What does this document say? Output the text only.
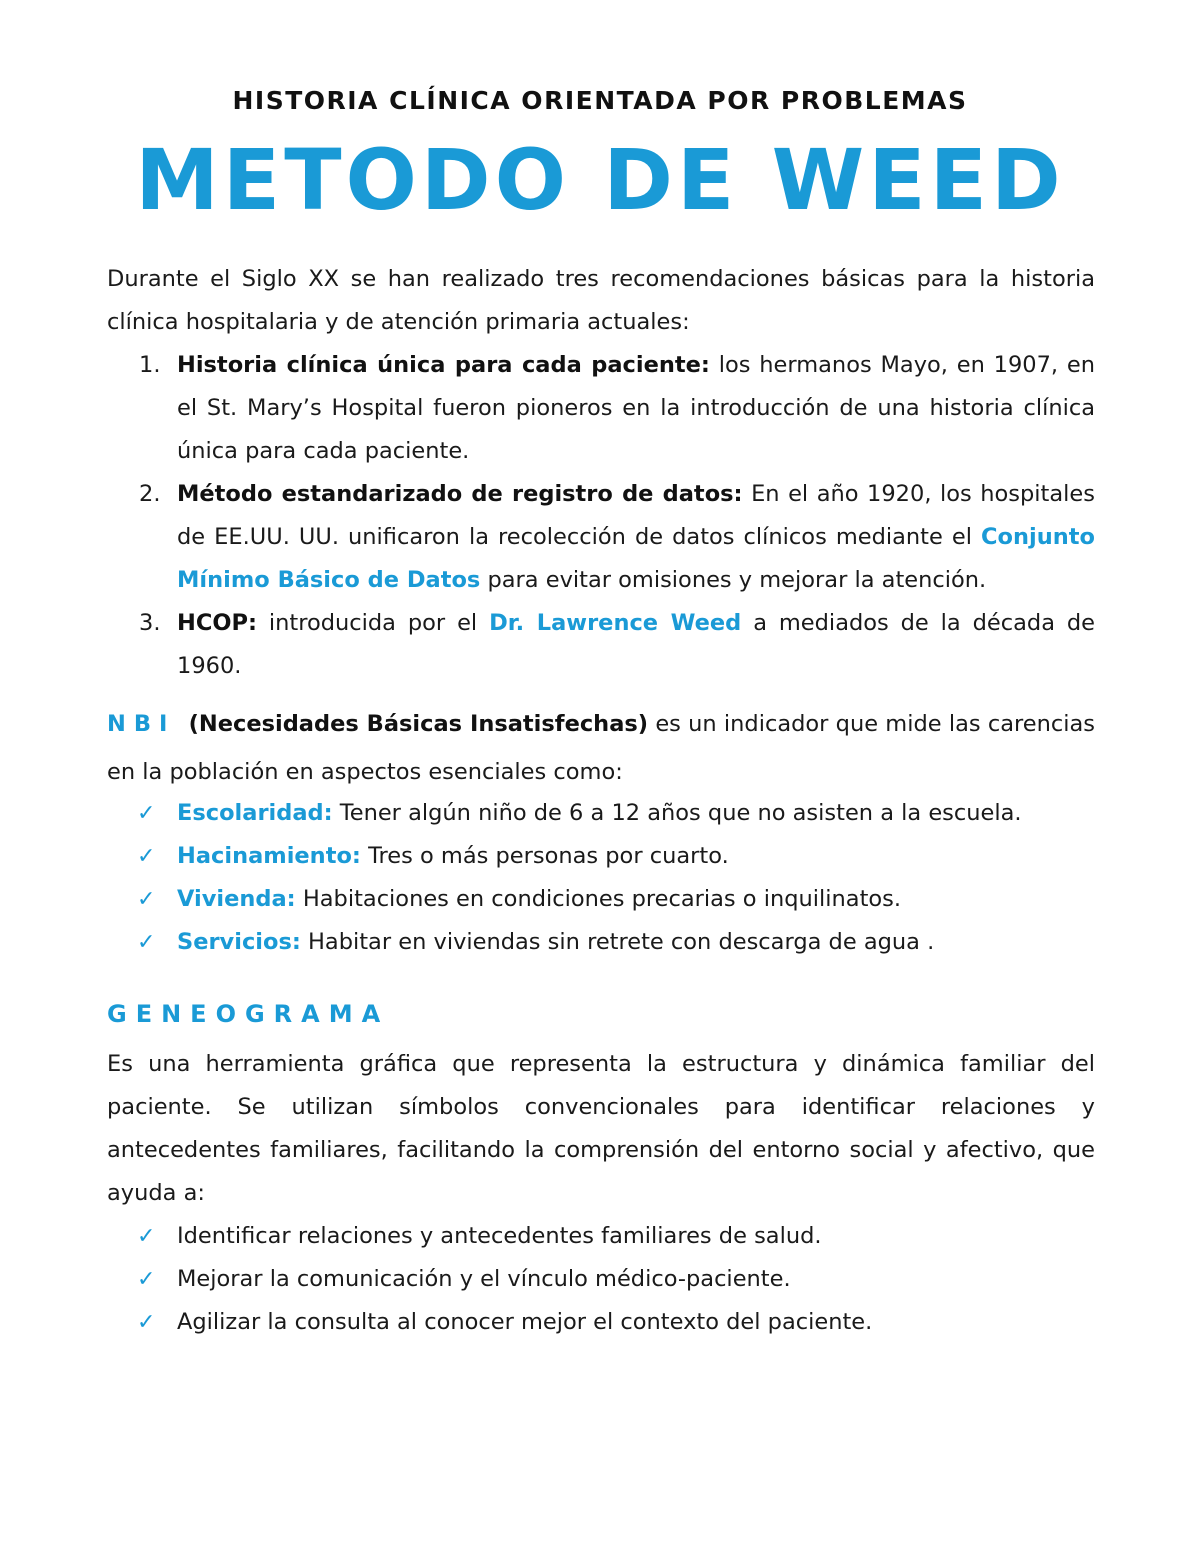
HISTORIA CLÍNICA ORIENTADA POR PROBLEMAS
METODO DE WEED

Durante el Siglo XX se han realizado tres recomendaciones básicas para la historia clínica hospitalaria y de atención primaria actuales:

1. Historia clínica única para cada paciente: los hermanos Mayo, en 1907, en el St. Mary’s Hospital fueron pioneros en la introducción de una historia clínica única para cada paciente.
2. Método estandarizado de registro de datos: En el año 1920, los hospitales de EE.UU. UU. unificaron la recolección de datos clínicos mediante el Conjunto Mínimo Básico de Datos para evitar omisiones y mejorar la atención.
3. HCOP: introducida por el Dr. Lawrence Weed a mediados de la década de 1960.

NBI (Necesidades Básicas Insatisfechas) es un indicador que mide las carencias en la población en aspectos esenciales como:

✓ Escolaridad: Tener algún niño de 6 a 12 años que no asisten a la escuela.
✓ Hacinamiento: Tres o más personas por cuarto.
✓ Vivienda: Habitaciones en condiciones precarias o inquilinatos.
✓ Servicios: Habitar en viviendas sin retrete con descarga de agua .
GENEOGRAMA

Es una herramienta gráfica que representa la estructura y dinámica familiar del paciente. Se utilizan símbolos convencionales para identificar relaciones y antecedentes familiares, facilitando la comprensión del entorno social y afectivo, que ayuda a:

✓ Identificar relaciones y antecedentes familiares de salud.
✓ Mejorar la comunicación y el vínculo médico-paciente.
✓ Agilizar la consulta al conocer mejor el contexto del paciente.
